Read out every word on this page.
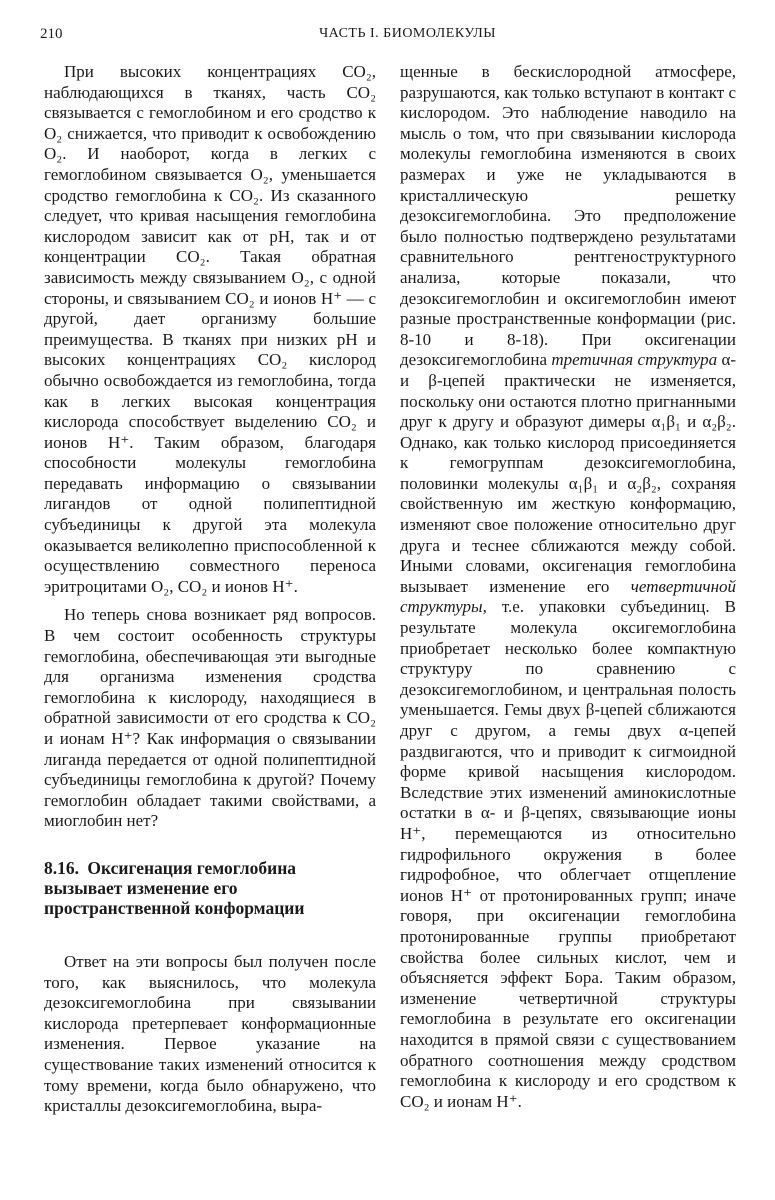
210	ЧАСТЬ I. БИОМОЛЕКУЛЫ

При высоких концентрациях CO₂, наблюдающихся в тканях, часть CO₂ связывается с гемоглобином и его сродство к O₂ снижается, что приводит к освобождению O₂. И наоборот, когда в легких с гемоглобином связывается O₂, уменьшается сродство гемоглобина к CO₂. Из сказанного следует, что кривая насыщения гемоглобина кислородом зависит как от pH, так и от концентрации CO₂. Такая обратная зависимость между связыванием O₂, с одной стороны, и связыванием CO₂ и ионов H⁺ — с другой, дает организму большие преимущества. В тканях при низких pH и высоких концентрациях CO₂ кислород обычно освобождается из гемоглобина, тогда как в легких высокая концентрация кислорода способствует выделению CO₂ и ионов H⁺. Таким образом, благодаря способности молекулы гемоглобина передавать информацию о связывании лигандов от одной полипептидной субъединицы к другой эта молекула оказывается великолепно приспособленной к осуществлению совместного переноса эритроцитами O₂, CO₂ и ионов H⁺.

Но теперь снова возникает ряд вопросов. В чем состоит особенность структуры гемоглобина, обеспечивающая эти выгодные для организма изменения сродства гемоглобина к кислороду, находящиеся в обратной зависимости от его сродства к CO₂ и ионам H⁺? Как информация о связывании лиганда передается от одной полипептидной субъединицы гемоглобина к другой? Почему гемоглобин обладает такими свойствами, а миоглобин нет?

8.16. Оксигенация гемоглобина вызывает изменение его пространственной конформации

Ответ на эти вопросы был получен после того, как выяснилось, что молекула дезоксигемоглобина при связывании кислорода претерпевает конформационные изменения. Первое указание на существование таких изменений относится к тому времени, когда было обнаружено, что кристаллы дезоксигемоглобина, выра-

щенные в бескислородной атмосфере, разрушаются, как только вступают в контакт с кислородом. Это наблюдение наводило на мысль о том, что при связывании кислорода молекулы гемоглобина изменяются в своих размерах и уже не укладываются в кристаллическую решетку дезоксигемоглобина. Это предположение было полностью подтверждено результатами сравнительного рентгеноструктурного анализа, которые показали, что дезоксигемоглобин и оксигемоглобин имеют разные пространственные конформации (рис. 8-10 и 8-18). При оксигенации дезоксигемоглобина третичная структура α- и β-цепей практически не изменяется, поскольку они остаются плотно пригнанными друг к другу и образуют димеры α₁β₁ и α₂β₂. Однако, как только кислород присоединяется к гемогруппам дезоксигемоглобина, половинки молекулы α₁β₁ и α₂β₂, сохраняя свойственную им жесткую конформацию, изменяют свое положение относительно друг друга и теснее сближаются между собой. Иными словами, оксигенация гемоглобина вызывает изменение его четвертичной структуры, т.е. упаковки субъединиц. В результате молекула оксигемоглобина приобретает несколько более компактную структуру по сравнению с дезоксигемоглобином, и центральная полость уменьшается. Гемы двух β-цепей сближаются друг с другом, а гемы двух α-цепей раздвигаются, что и приводит к сигмоидной форме кривой насыщения кислородом. Вследствие этих изменений аминокислотные остатки в α- и β-цепях, связывающие ионы H⁺, перемещаются из относительно гидрофильного окружения в более гидрофобное, что облегчает отщепление ионов H⁺ от протонированных групп; иначе говоря, при оксигенации гемоглобина протонированные группы приобретают свойства более сильных кислот, чем и объясняется эффект Бора. Таким образом, изменение четвертичной структуры гемоглобина в результате его оксигенации находится в прямой связи с существованием обратного соотношения между сродством гемоглобина к кислороду и его сродством к CO₂ и ионам H⁺.
